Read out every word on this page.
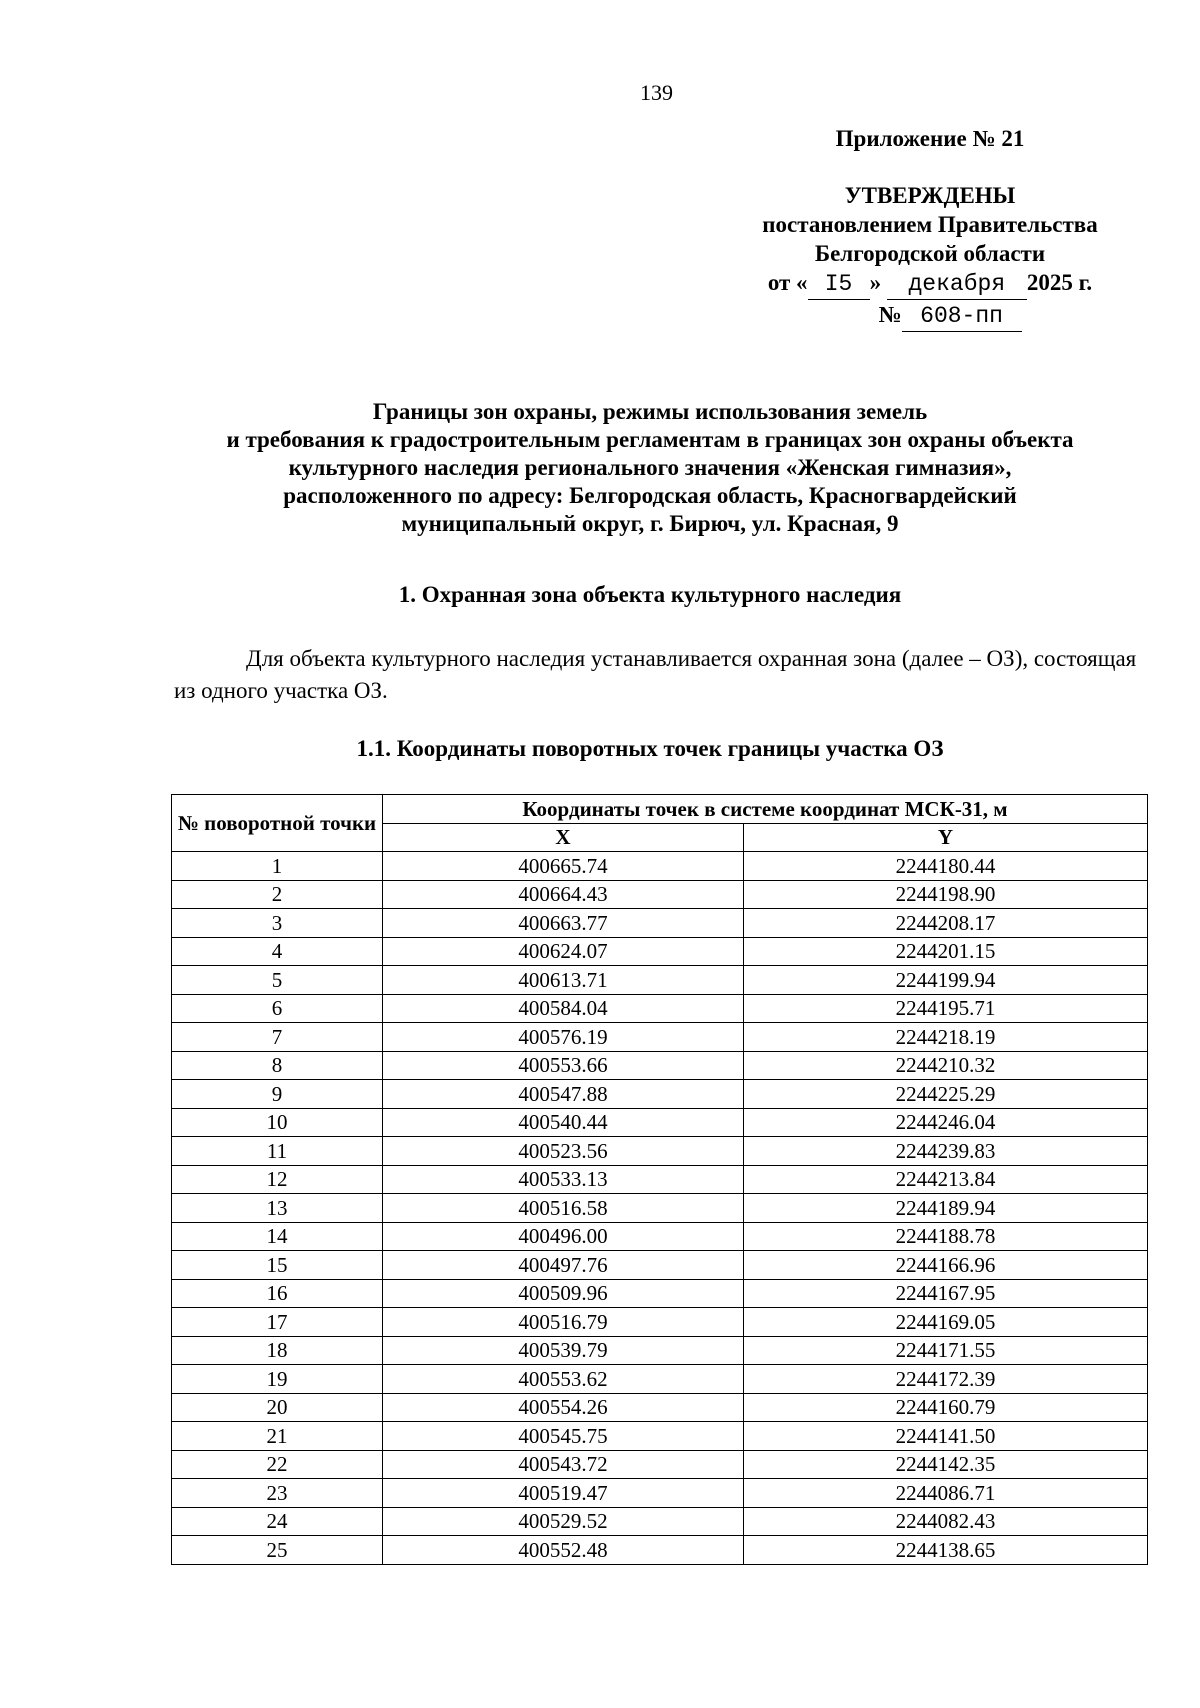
139
Приложение № 21
УТВЕРЖДЕНЫ
постановлением Правительства
Белгородской области
от « I5 » декабря 2025 г.
№ 608-пп
Границы зон охраны, режимы использования земель
и требования к градостроительным регламентам в границах зон охраны объекта
культурного наследия регионального значения «Женская гимназия»,
расположенного по адресу: Белгородская область, Красногвардейский
муниципальный округ, г. Бирюч, ул. Красная, 9
1. Охранная зона объекта культурного наследия
Для объекта культурного наследия устанавливается охранная зона (далее – ОЗ), состоящая из одного участка ОЗ.
1.1. Координаты поворотных точек границы участка ОЗ
№ поворотной точки	Координаты точек в системе координат МСК-31, м	
	X	Y
1	400665.74	2244180.44
2	400664.43	2244198.90
3	400663.77	2244208.17
4	400624.07	2244201.15
5	400613.71	2244199.94
6	400584.04	2244195.71
7	400576.19	2244218.19
8	400553.66	2244210.32
9	400547.88	2244225.29
10	400540.44	2244246.04
11	400523.56	2244239.83
12	400533.13	2244213.84
13	400516.58	2244189.94
14	400496.00	2244188.78
15	400497.76	2244166.96
16	400509.96	2244167.95
17	400516.79	2244169.05
18	400539.79	2244171.55
19	400553.62	2244172.39
20	400554.26	2244160.79
21	400545.75	2244141.50
22	400543.72	2244142.35
23	400519.47	2244086.71
24	400529.52	2244082.43
25	400552.48	2244138.65
